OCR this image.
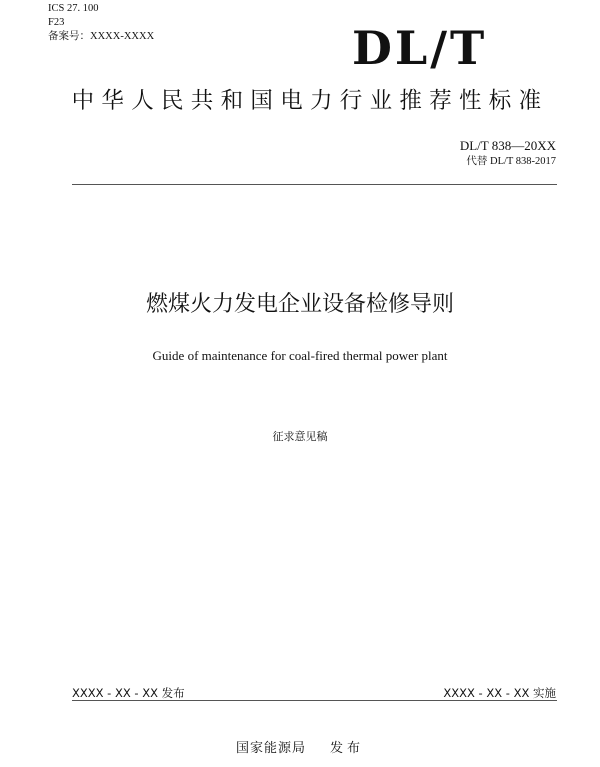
ICS 27. 100
F23
备案号：XXXX-XXXX	DL/T
中华人民共和国电力行业推荐性标准
DL/T 838—20XX
代替 DL/T 838-2017
燃煤火力发电企业设备检修导则
Guide of maintenance for coal-fired thermal power plant
征求意见稿
XXXX - XX - XX 发布	XXXX - XX - XX 实施
国家能源局 发布
